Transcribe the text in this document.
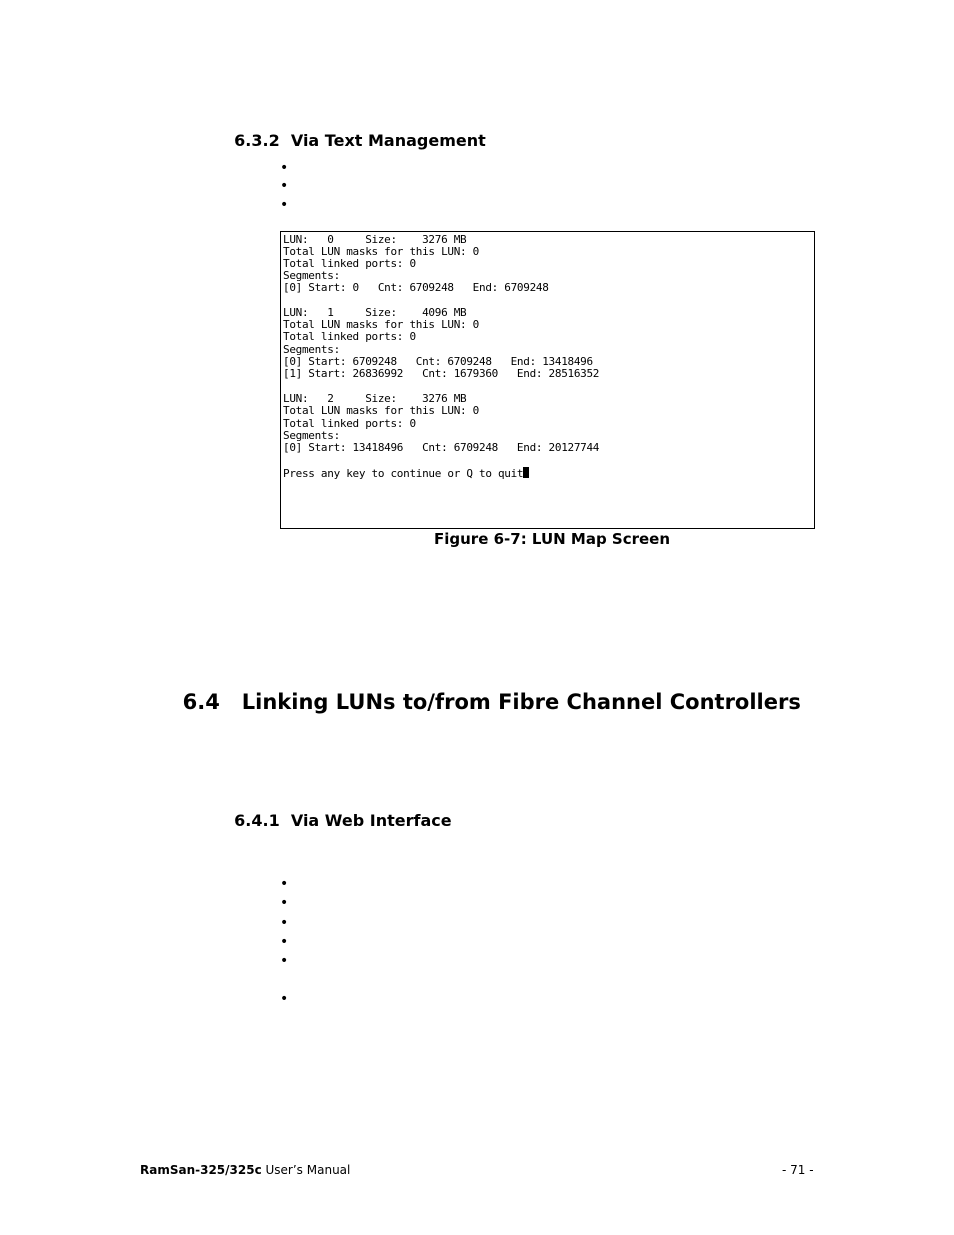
6.3.2 Via Text Management

•
•
•
LUN:   0     Size:    3276 MB
Total LUN masks for this LUN: 0
Total linked ports: 0
Segments:
[0] Start: 0   Cnt: 6709248   End: 6709248
LUN:   1     Size:    4096 MB
Total LUN masks for this LUN: 0
Total linked ports: 0
Segments:
[0] Start: 6709248   Cnt: 6709248   End: 13418496
[1] Start: 26836992   Cnt: 1679360   End: 28516352
LUN:   2     Size:    3276 MB
Total LUN masks for this LUN: 0
Total linked ports: 0
Segments:
[0] Start: 13418496   Cnt: 6709248   End: 20127744
Press any key to continue or Q to quit
Figure 6-7: LUN Map Screen

6.4 Linking LUNs to/from Fibre Channel Controllers

6.4.1 Via Web Interface

•
•
•
•
•
•
RamSan-325/325c User’s Manual	- 71 -
